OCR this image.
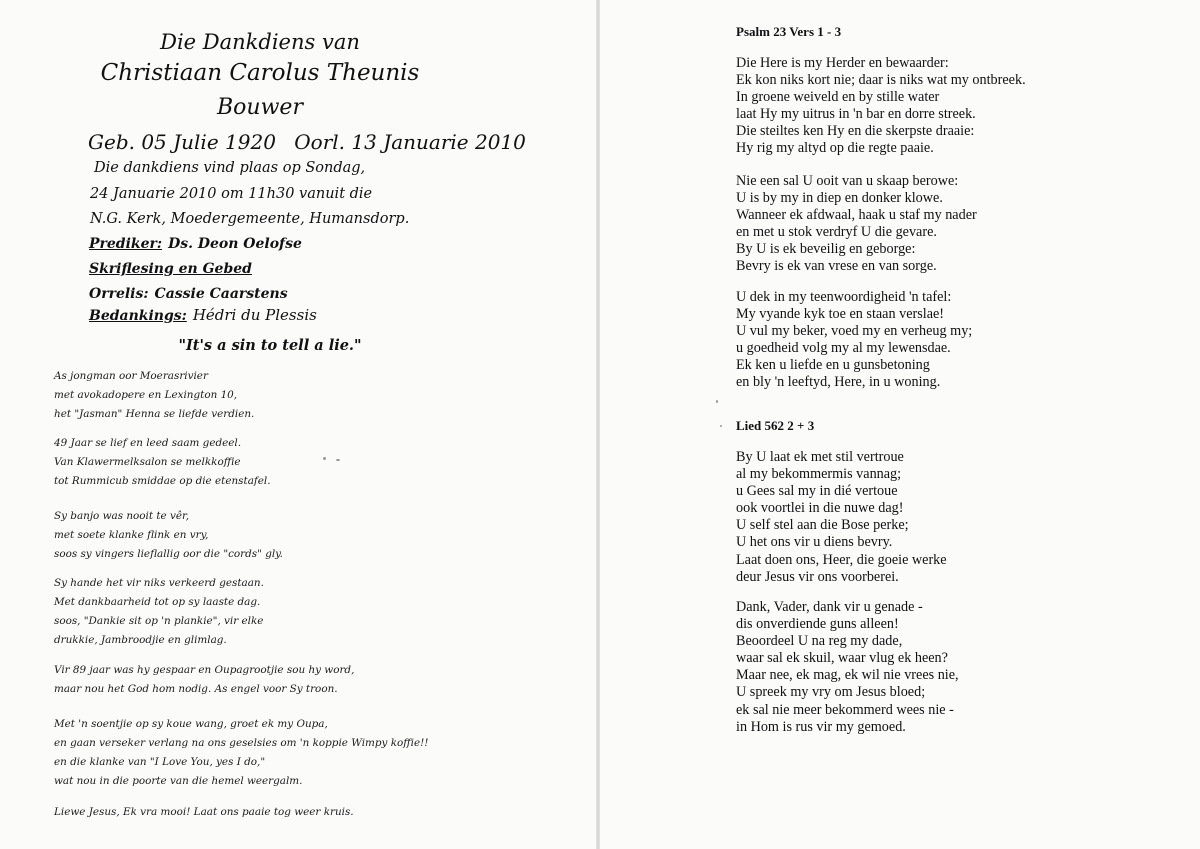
Die Dankdiens van
Christiaan Carolus Theunis
Bouwer
Geb. 05 Julie 1920 Oorl. 13 Januarie 2010
Die dankdiens vind plaas op Sondag,
24 Januarie 2010 om 11h30 vanuit die
N.G. Kerk, Moedergemeente, Humansdorp.
Prediker: Ds. Deon Oelofse
Skriflesing en Gebed
Orrelis: Cassie Caarstens
Bedankings: Hédri du Plessis
"It's a sin to tell a lie."
As jongman oor Moerasrivier
met avokadopere en Lexington 10,
het "Jasman" Henna se liefde verdien.
49 Jaar se lief en leed saam gedeel.
Van Klawermelksalon se melkkoffie
tot Rummicub smiddae op die etenstafel.
Sy banjo was nooit te vêr,
met soete klanke flink en vry,
soos sy vingers lieflallig oor die "cords" gly.
Sy hande het vir niks verkeerd gestaan.
Met dankbaarheid tot op sy laaste dag.
soos, "Dankie sit op 'n plankie", vir elke
drukkie, Jambroodjie en glimlag.
Vir 89 jaar was hy gespaar en Oupagrootjie sou hy word,
maar nou het God hom nodig. As engel voor Sy troon.
Met 'n soentjie op sy koue wang, groet ek my Oupa,
en gaan verseker verlang na ons geselsies om 'n koppie Wimpy koffie!!
en die klanke van "I Love You, yes I do,"
wat nou in die poorte van die hemel weergalm.
Liewe Jesus, Ek vra mooi! Laat ons paaie tog weer kruis.
Psalm 23 Vers 1 - 3
Die Here is my Herder en bewaarder:
Ek kon niks kort nie; daar is niks wat my ontbreek.
In groene weiveld en by stille water
laat Hy my uitrus in 'n bar en dorre streek.
Die steiltes ken Hy en die skerpste draaie:
Hy rig my altyd op die regte paaie.
Nie een sal U ooit van u skaap berowe:
U is by my in diep en donker klowe.
Wanneer ek afdwaal, haak u staf my nader
en met u stok verdryf U die gevare.
By U is ek beveilig en geborge:
Bevry is ek van vrese en van sorge.
U dek in my teenwoordigheid 'n tafel:
My vyande kyk toe en staan verslae!
U vul my beker, voed my en verheug my;
u goedheid volg my al my lewensdae.
Ek ken u liefde en u gunsbetoning
en bly 'n leeftyd, Here, in u woning.
Lied 562 2 + 3
By U laat ek met stil vertroue
al my bekommermis vannag;
u Gees sal my in dié vertoue
ook voortlei in die nuwe dag!
U self stel aan die Bose perke;
U het ons vir u diens bevry.
Laat doen ons, Heer, die goeie werke
deur Jesus vir ons voorberei.
Dank, Vader, dank vir u genade -
dis onverdiende guns alleen!
Beoordeel U na reg my dade,
waar sal ek skuil, waar vlug ek heen?
Maar nee, ek mag, ek wil nie vrees nie,
U spreek my vry om Jesus bloed;
ek sal nie meer bekommerd wees nie -
in Hom is rus vir my gemoed.
